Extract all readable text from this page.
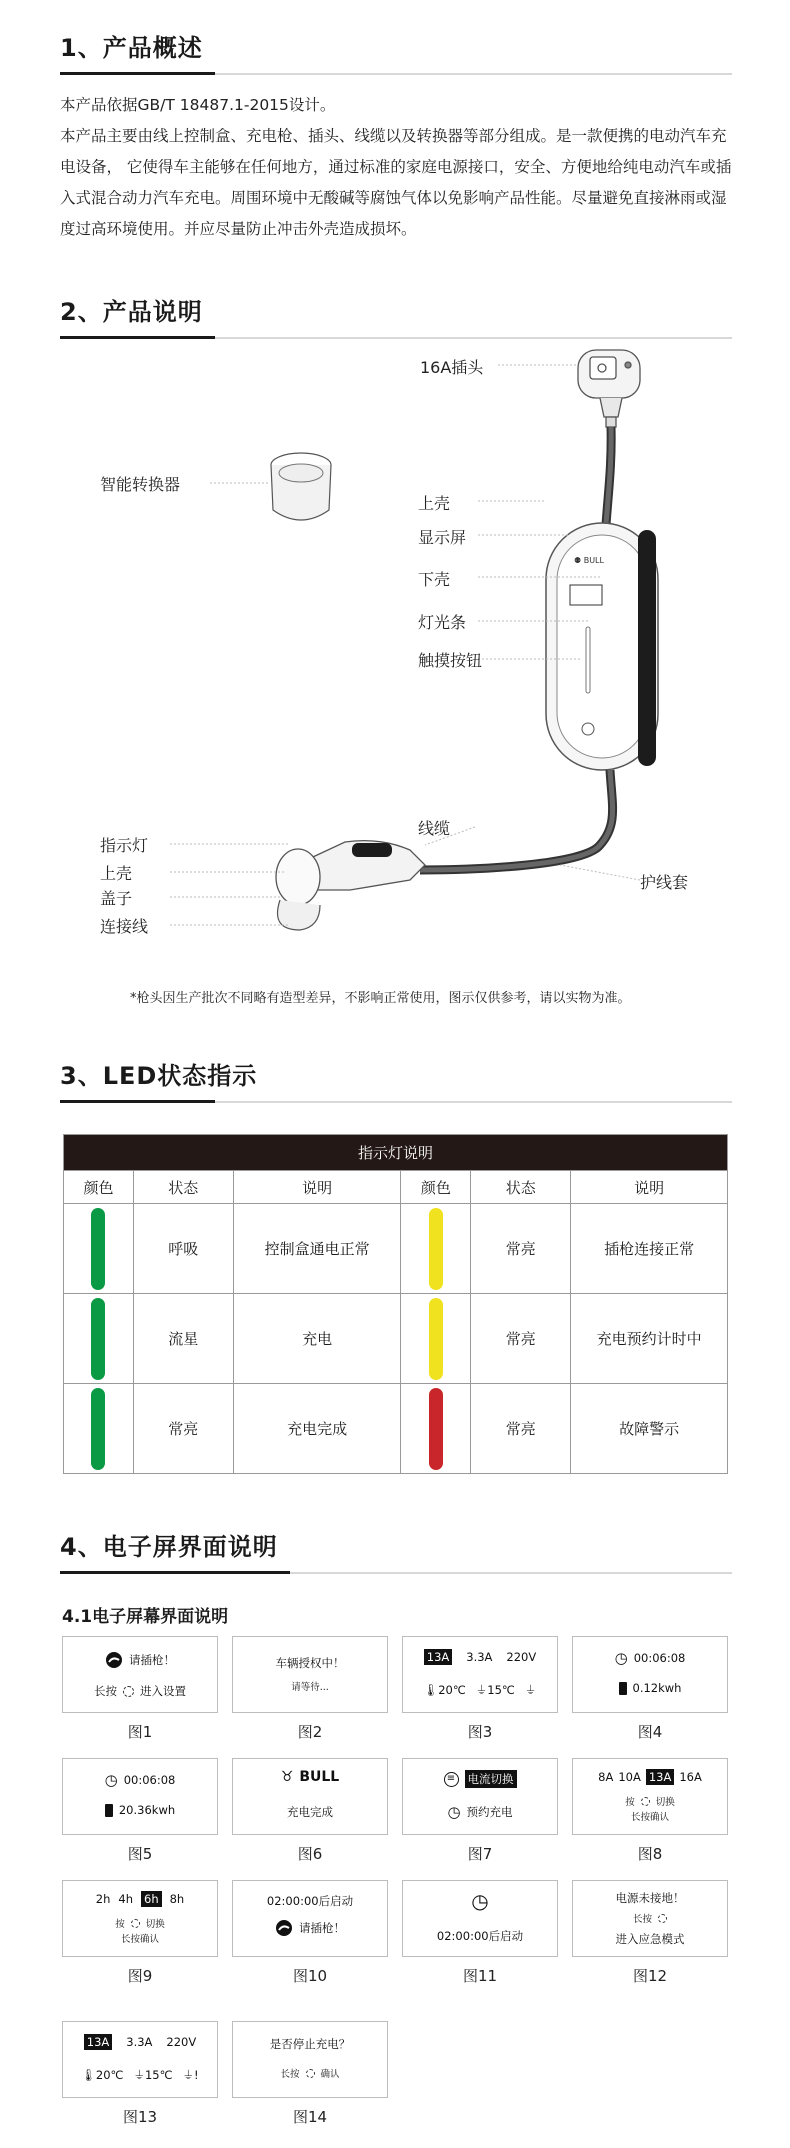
1、产品概述
本产品依据GB/T 18487.1-2015设计。
本产品主要由线上控制盒、充电枪、插头、线缆以及转换器等部分组成。是一款便携的电动汽车充电设备， 它使得车主能够在任何地方，通过标准的家庭电源接口，安全、方便地给纯电动汽车或插入式混合动力汽车充电。周围环境中无酸碱等腐蚀气体以免影响产品性能。尽量避免直接淋雨或湿度过高环境使用。并应尽量防止冲击外壳造成损坏。
2、产品说明
⚉ BULL
16A插头
上壳
显示屏
下壳
灯光条
触摸按钮
智能转换器
线缆
指示灯
上壳
盖子
连接线
护线套
*枪头因生产批次不同略有造型差异，不影响正常使用，图示仅供参考，请以实物为准。
3、LED状态指示
指示灯说明					
颜色	状态	说明	颜色	状态	说明
	呼吸	控制盒通电正常		常亮	插枪连接正常
	流星	充电		常亮	充电预约计时中
	常亮	充电完成		常亮	故障警示
4、电子屏界面说明
4.1电子屏幕界面说明
请插枪！
长按 进入设置
图1
车辆授权中！
请等待...
图2
13A 3.3A 220V
🌡20℃ ⏚15℃ ⏚
图3
◷ 00:06:08
0.12kwh
图4
◷ 00:06:08
20.36kwh
图5
♉ BULL
充电完成
图6
≡ 电流切换
◷ 预约充电
图7
8A 10A 13A 16A
按 切换
长按确认
图8
2h 4h 6h 8h
按 切换
长按确认
图9
02:00:00后启动
请插枪！
图10
◷
02:00:00后启动
图11
电源未接地！
长按
进入应急模式
图12
13A 3.3A 220V
🌡20℃ ⏚15℃ ⏚!
图13
是否停止充电？
长按 确认
图14
